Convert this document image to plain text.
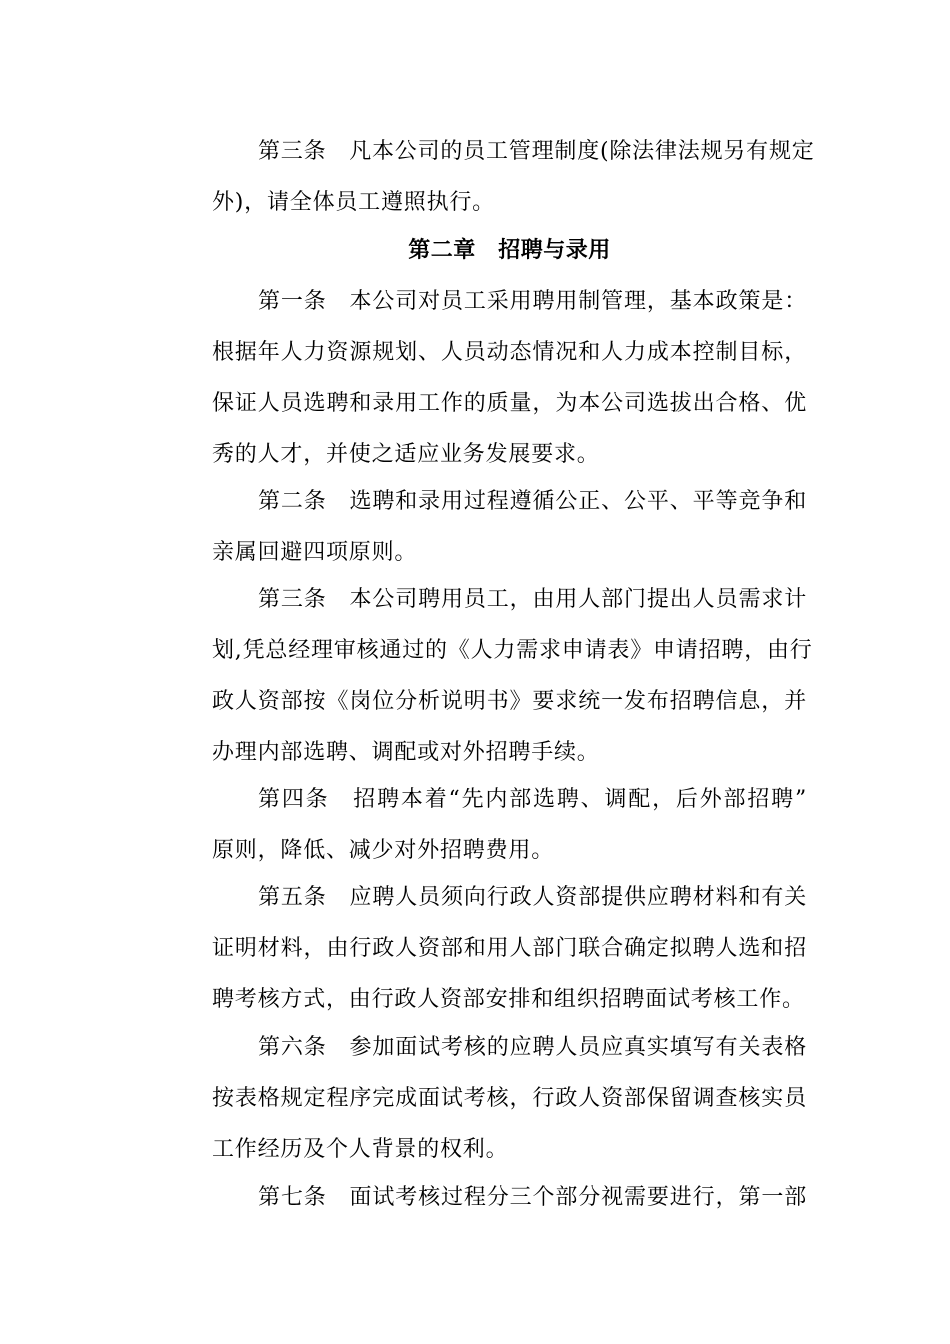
第三条　凡本公司的员工管理制度(除法律法规另有规定
外)，请全体员工遵照执行。
第二章　招聘与录用
第一条　本公司对员工采用聘用制管理，基本政策是：
根据年人力资源规划、人员动态情况和人力成本控制目标，
保证人员选聘和录用工作的质量，为本公司选拔出合格、优
秀的人才，并使之适应业务发展要求。
第二条　选聘和录用过程遵循公正、公平、平等竞争和
亲属回避四项原则。
第三条　本公司聘用员工，由用人部门提出人员需求计
划,凭总经理审核通过的《人力需求申请表》申请招聘，由行
政人资部按《岗位分析说明书》要求统一发布招聘信息，并
办理内部选聘、调配或对外招聘手续。
第四条　招聘本着“先内部选聘、调配，后外部招聘”
原则，降低、减少对外招聘费用。
第五条　应聘人员须向行政人资部提供应聘材料和有关
证明材料，由行政人资部和用人部门联合确定拟聘人选和招
聘考核方式，由行政人资部安排和组织招聘面试考核工作。
第六条　参加面试考核的应聘人员应真实填写有关表格
按表格规定程序完成面试考核，行政人资部保留调查核实员
工作经历及个人背景的权利。
第七条　面试考核过程分三个部分视需要进行，第一部
